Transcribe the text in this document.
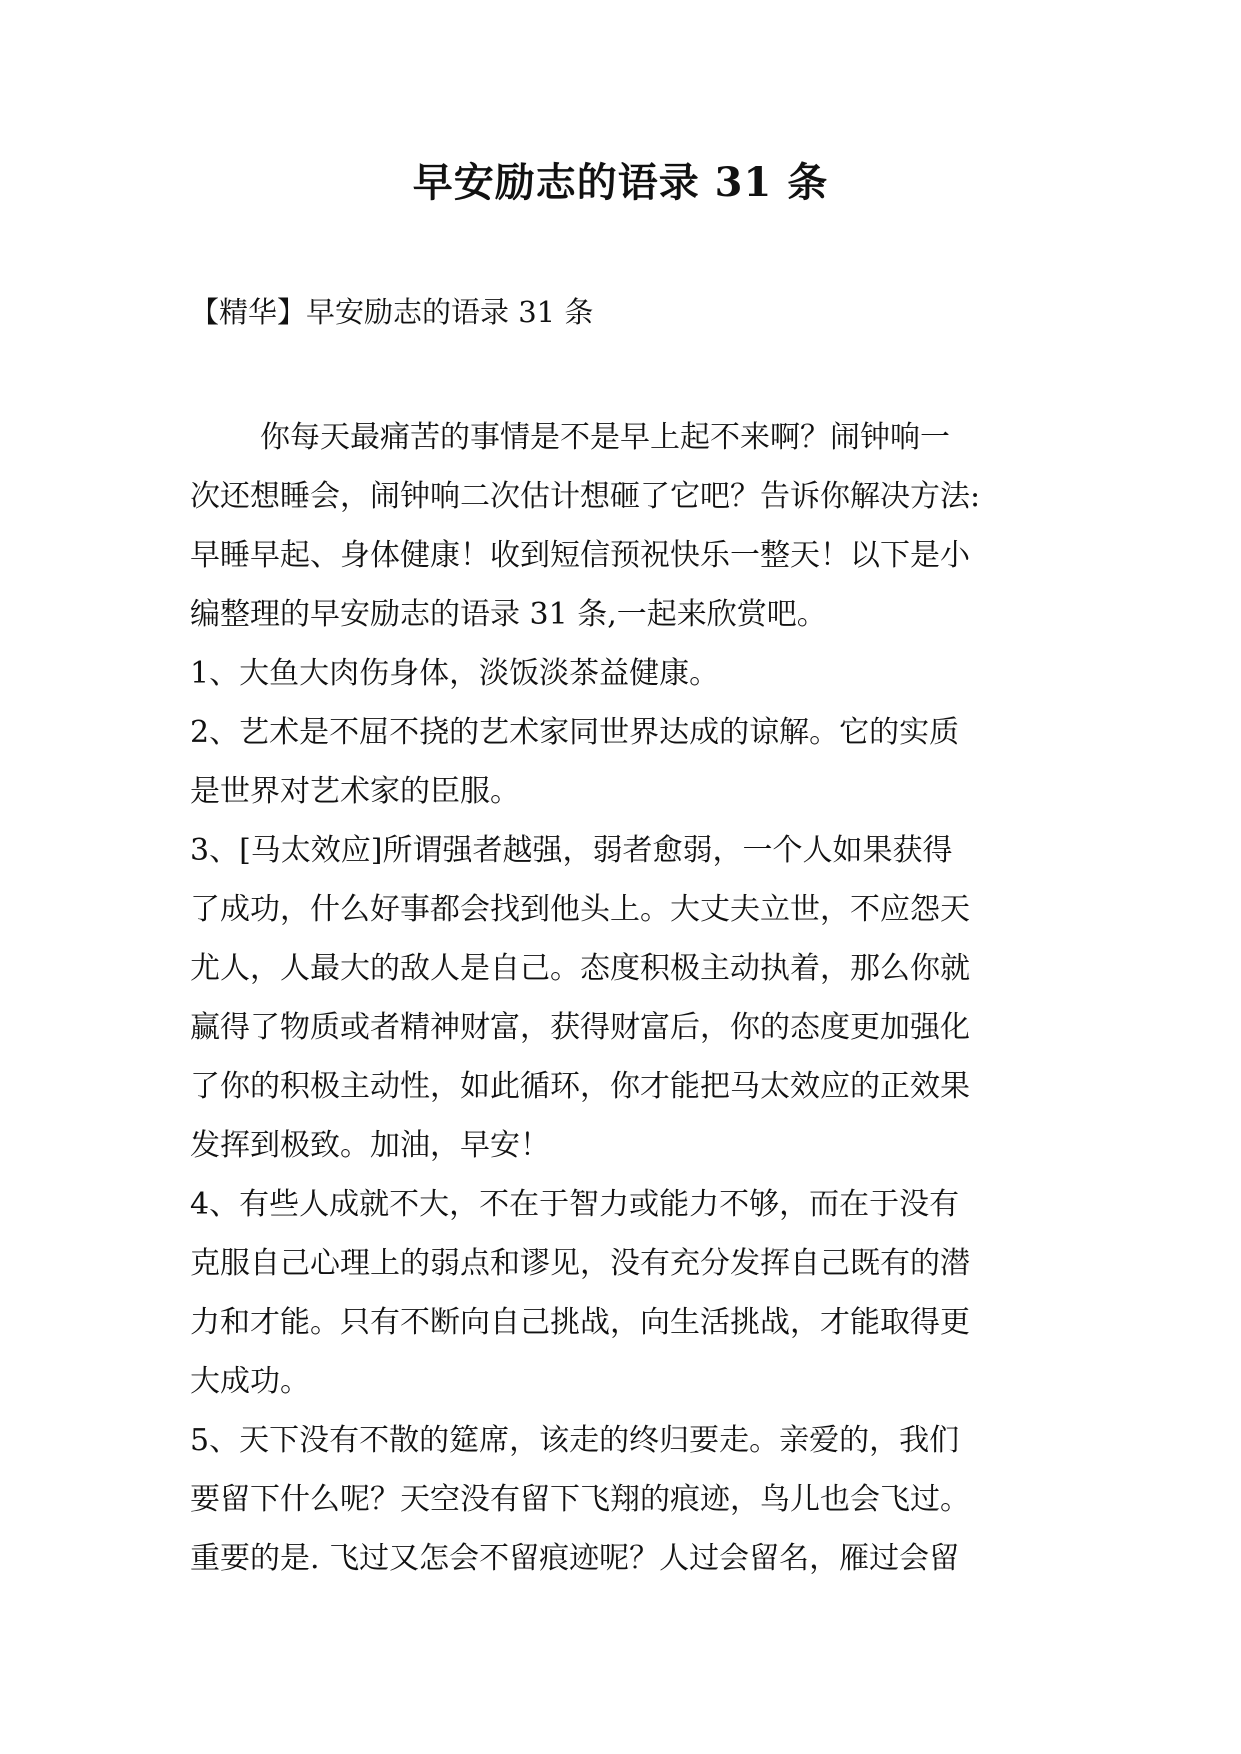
早安励志的语录 31 条

【精华】早安励志的语录 31 条

你每天最痛苦的事情是不是早上起不来啊？闹钟响一
次还想睡会，闹钟响二次估计想砸了它吧？告诉你解决方法:
早睡早起、身体健康！收到短信预祝快乐一整天！以下是小
编整理的早安励志的语录 31 条,一起来欣赏吧。
1、大鱼大肉伤身体，淡饭淡茶益健康。
2、艺术是不屈不挠的艺术家同世界达成的谅解。它的实质
是世界对艺术家的臣服。
3、[马太效应]所谓强者越强，弱者愈弱，一个人如果获得
了成功，什么好事都会找到他头上。大丈夫立世，不应怨天
尤人，人最大的敌人是自己。态度积极主动执着，那么你就
赢得了物质或者精神财富，获得财富后，你的态度更加强化
了你的积极主动性，如此循环，你才能把马太效应的正效果
发挥到极致。加油，早安！
4、有些人成就不大，不在于智力或能力不够，而在于没有
克服自己心理上的弱点和谬见，没有充分发挥自己既有的潜
力和才能。只有不断向自己挑战，向生活挑战，才能取得更
大成功。
5、天下没有不散的筵席，该走的终归要走。亲爱的，我们
要留下什么呢？天空没有留下飞翔的痕迹，鸟儿也会飞过。
重要的是. 飞过又怎会不留痕迹呢？人过会留名，雁过会留
